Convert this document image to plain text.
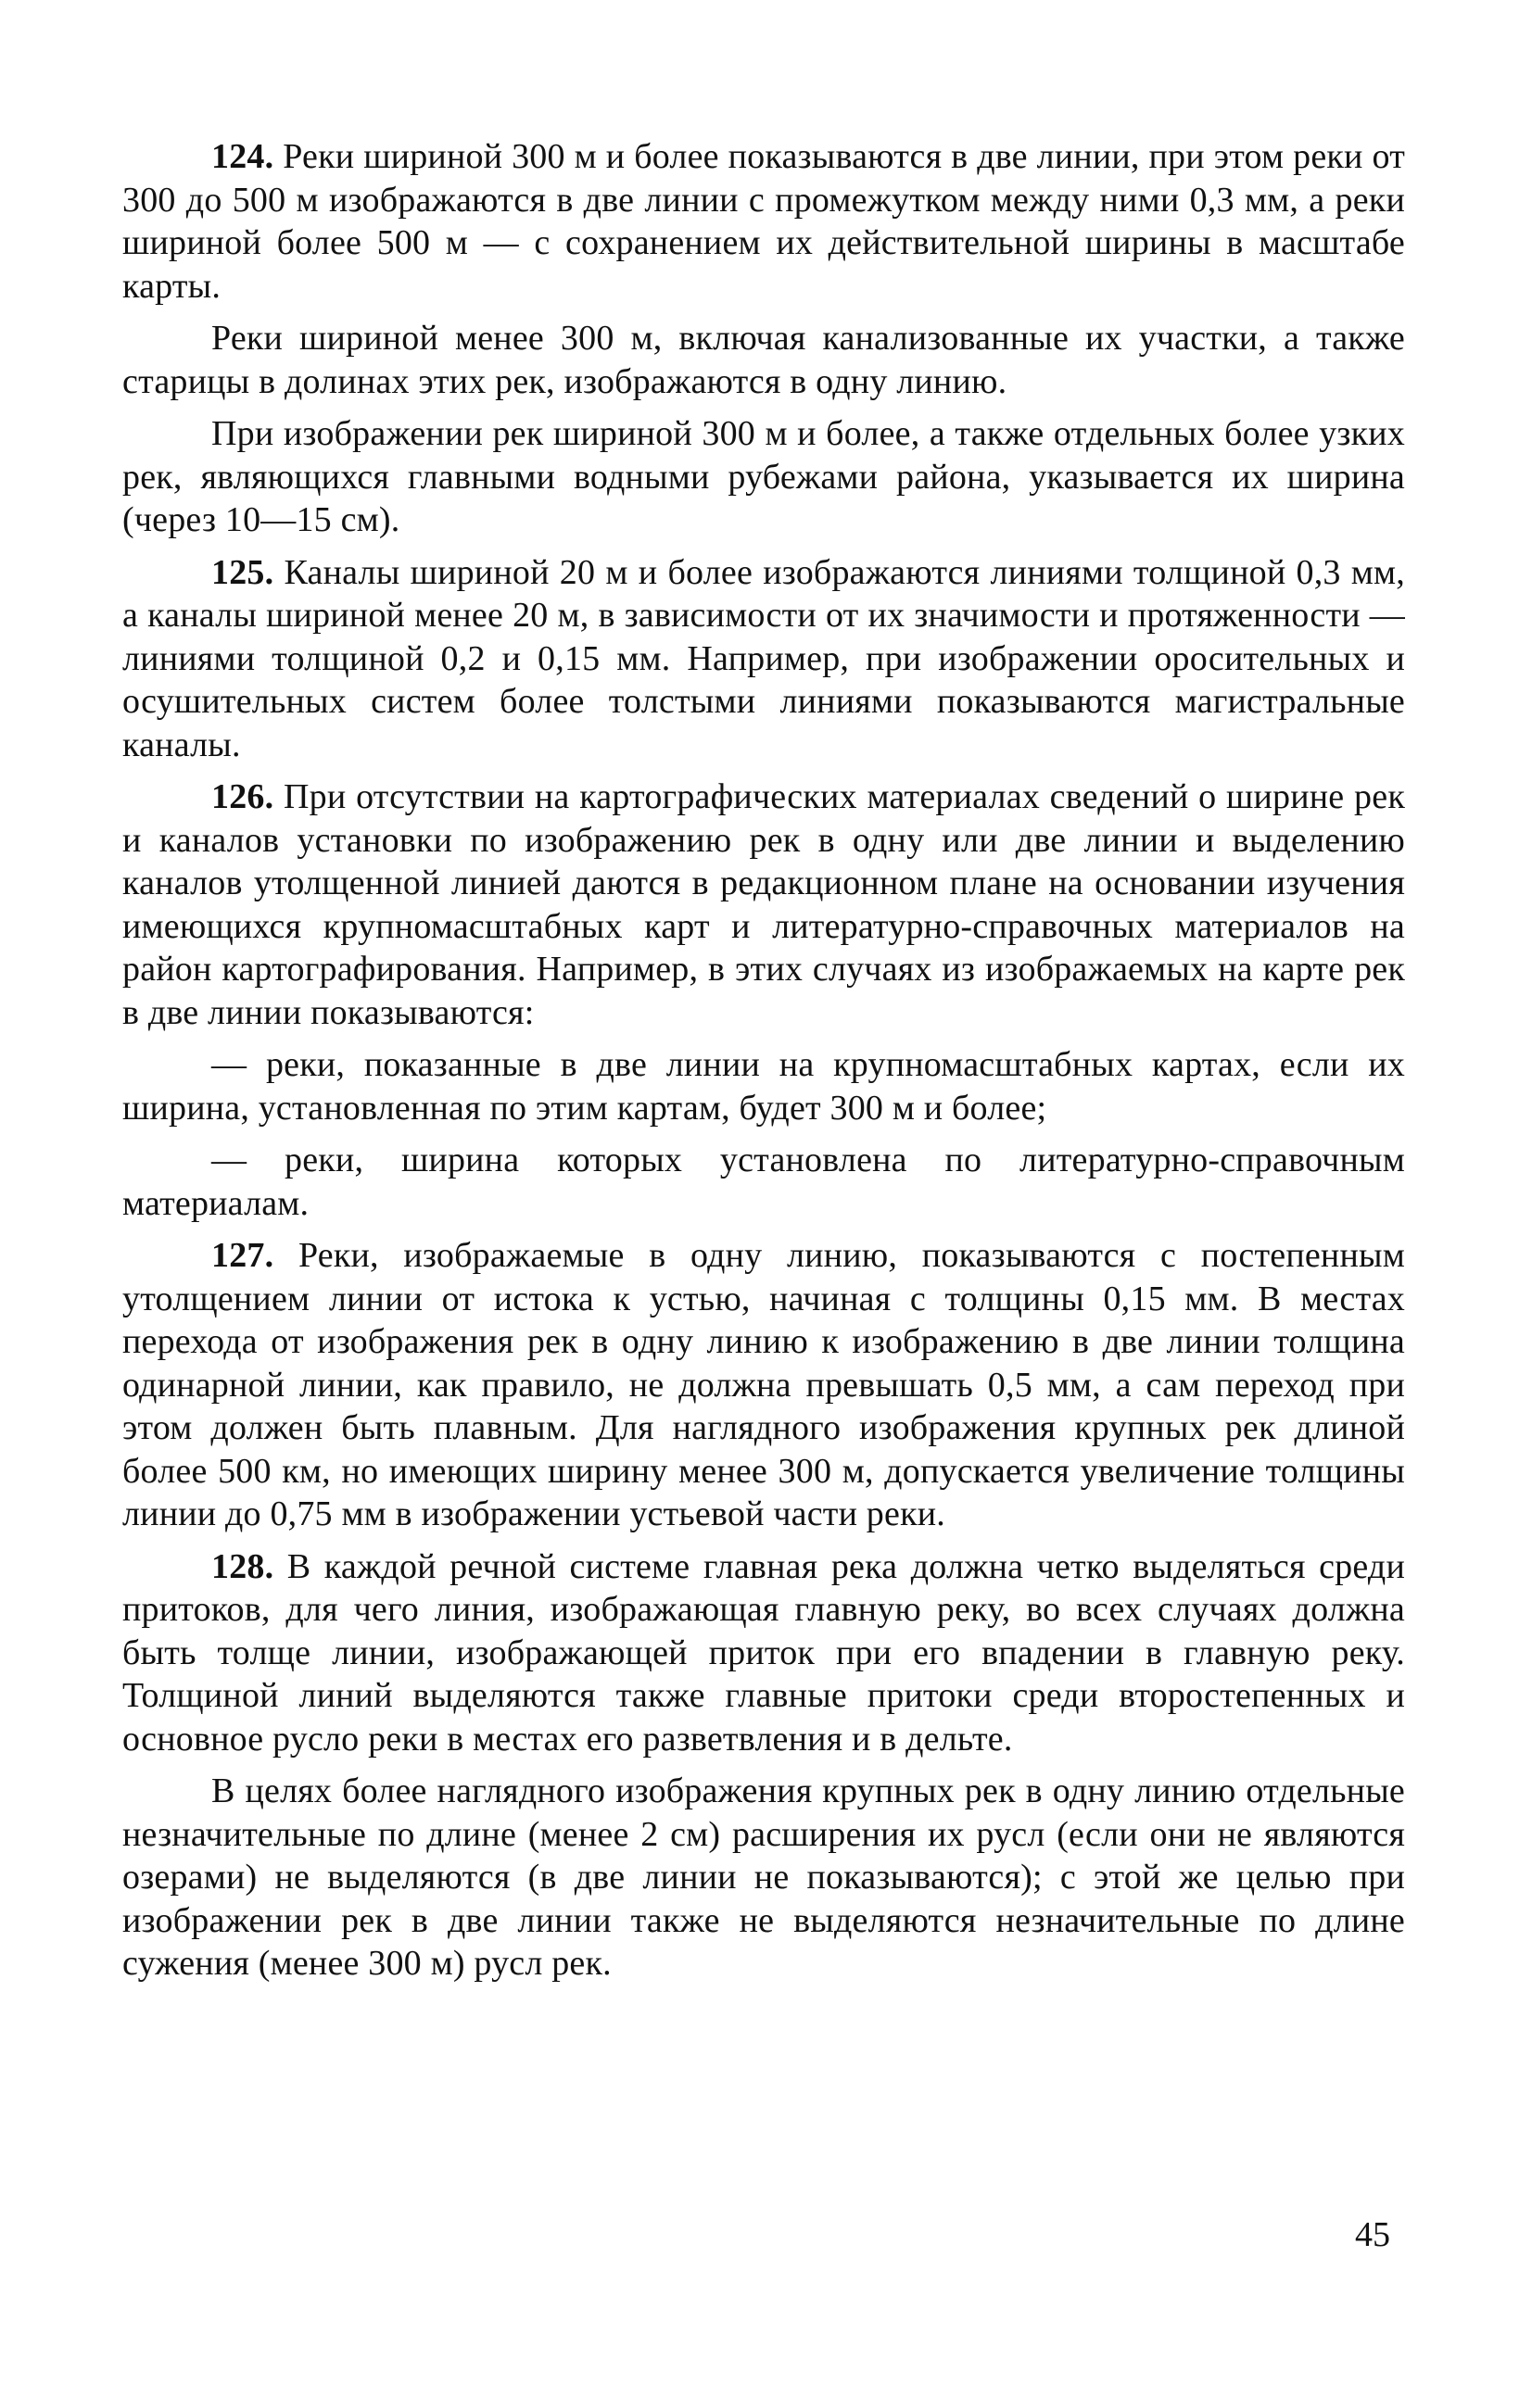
124. Реки шириной 300 м и более показываются в две линии, при этом реки от 300 до 500 м изображаются в две линии с промежутком между ними 0,3 мм, а реки шириной более 500 м — с сохранением их действительной ширины в масштабе карты.

Реки шириной менее 300 м, включая канализованные их участки, а также старицы в долинах этих рек, изображаются в одну линию.

При изображении рек шириной 300 м и более, а также отдельных более узких рек, являющихся главными водными рубежами района, указывается их ширина (через 10—15 см).

125. Каналы шириной 20 м и более изображаются линиями толщиной 0,3 мм, а каналы шириной менее 20 м, в зависимости от их значимости и протяженности — линиями толщиной 0,2 и 0,15 мм. Например, при изображении оросительных и осушительных систем более толстыми линиями показываются магистральные каналы.

126. При отсутствии на картографических материалах сведений о ширине рек и каналов установки по изображению рек в одну или две линии и выделению каналов утолщенной линией даются в редакционном плане на основании изучения имеющихся крупномасштабных карт и литературно-справочных материалов на район картографирования. Например, в этих случаях из изображаемых на карте рек в две линии показываются:

— реки, показанные в две линии на крупномасштабных картах, если их ширина, установленная по этим картам, будет 300 м и более;

— реки, ширина которых установлена по литературно-справочным материалам.

127. Реки, изображаемые в одну линию, показываются с постепенным утолщением линии от истока к устью, начиная с толщины 0,15 мм. В местах перехода от изображения рек в одну линию к изображению в две линии толщина одинарной линии, как правило, не должна превышать 0,5 мм, а сам переход при этом должен быть плавным. Для наглядного изображения крупных рек длиной более 500 км, но имеющих ширину менее 300 м, допускается увеличение толщины линии до 0,75 мм в изображении устьевой части реки.

128. В каждой речной системе главная река должна четко выделяться среди притоков, для чего линия, изображающая главную реку, во всех случаях должна быть толще линии, изображающей приток при его впадении в главную реку. Толщиной линий выделяются также главные притоки среди второстепенных и основное русло реки в местах его разветвления и в дельте.

В целях более наглядного изображения крупных рек в одну линию отдельные незначительные по длине (менее 2 см) расширения их русл (если они не являются озерами) не выделяются (в две линии не показываются); с этой же целью при изображении рек в две линии также не выделяются незначительные по длине сужения (менее 300 м) русл рек.

45
